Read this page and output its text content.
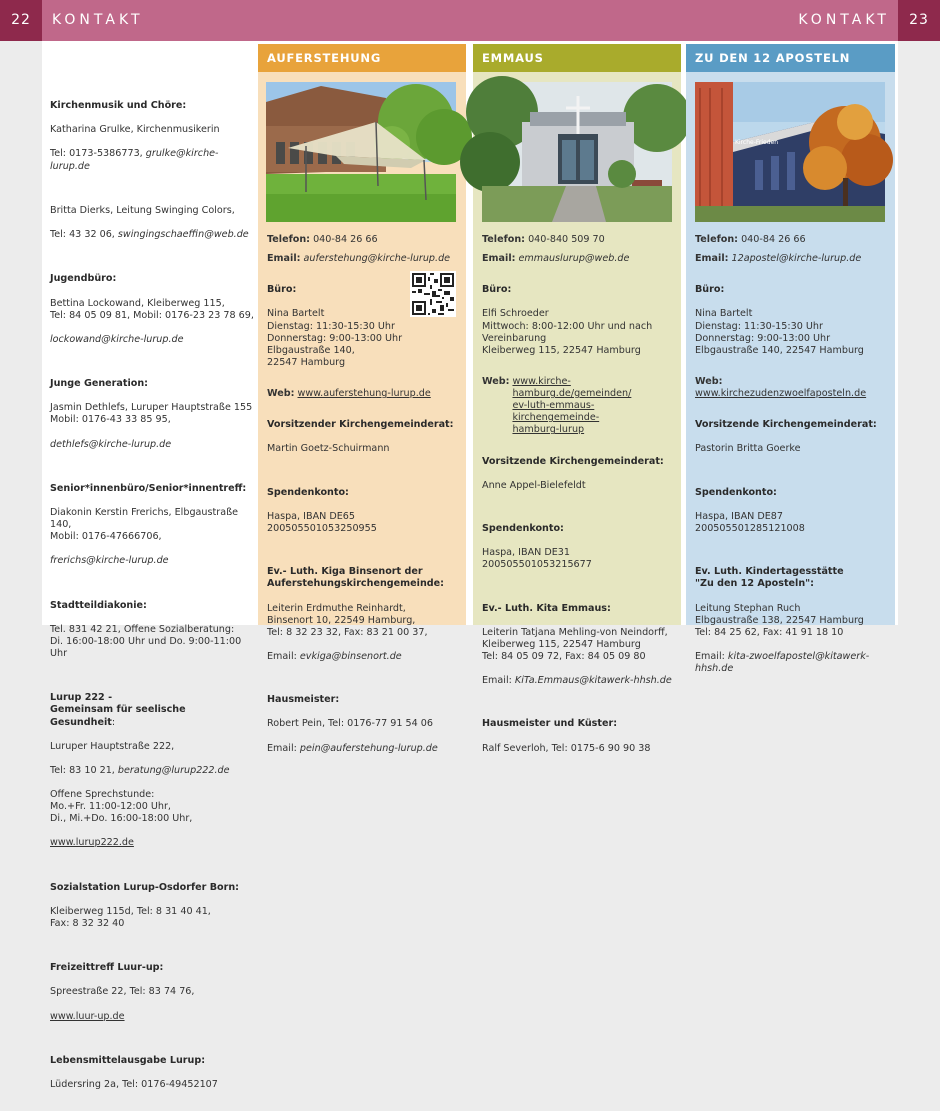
22	KONTAKT	KONTAKT	23

Kirchenmusik und Chöre:

Katharina Grulke, Kirchenmusikerin

Tel: 0173-5386773, grulke@kirche-lurup.de

Britta Dierks, Leitung Swinging Colors,

Tel: 43 32 06, swingingschaeffin@web.de

Jugendbüro:

Bettina Lockowand, Kleiberweg 115,
Tel: 84 05 09 81, Mobil: 0176-23 23 78 69,

lockowand@kirche-lurup.de

Junge Generation:

Jasmin Dethlefs, Luruper Hauptstraße 155
Mobil: 0176-43 33 85 95,

dethlefs@kirche-lurup.de

Senior*innenbüro/Senior*innentreff:

Diakonin Kerstin Frerichs, Elbgaustraße 140,
Mobil: 0176-47666706,

frerichs@kirche-lurup.de

Stadtteildiakonie:

Tel. 831 42 21, Offene Sozialberatung:
Di. 16:00-18:00 Uhr und Do. 9:00-11:00 Uhr

Lurup 222 -
Gemeinsam für seelische Gesundheit:

Luruper Hauptstraße 222,

Tel: 83 10 21, beratung@lurup222.de

Offene Sprechstunde:
Mo.+Fr. 11:00-12:00 Uhr,
Di., Mi.+Do. 16:00-18:00 Uhr,

www.lurup222.de

Sozialstation Lurup-Osdorfer Born:

Kleiberweg 115d, Tel: 8 31 40 41,
Fax: 8 32 32 40

Freizeittreff Luur-up:

Spreestraße 22, Tel: 83 74 76,

www.luur-up.de

Lebensmittelausgabe Lurup:

Lüdersring 2a, Tel: 0176-49452107

AUFERSTEHUNG
Telefon: 040-84 26 66
Email: auferstehung@kirche-lurup.de

Büro:

Nina Bartelt
Dienstag: 11:30-15:30 Uhr
Donnerstag: 9:00-13:00 Uhr
Elbgaustraße 140,
22547 Hamburg

Web: www.auferstehung-lurup.de

Vorsitzender Kirchengemeinderat:

Martin Goetz-Schuirmann

Spendenkonto:

Haspa, IBAN DE65 200505501053250955

Ev.- Luth. Kiga Binsenort der
Auferstehungskirchengemeinde:

Leiterin Erdmuthe Reinhardt,
Binsenort 10, 22549 Hamburg,
Tel: 8 32 23 32, Fax: 83 21 00 37,

Email: evkiga@binsenort.de

Hausmeister:

Robert Pein, Tel: 0176-77 91 54 06

Email: pein@auferstehung-lurup.de

EMMAUS
Telefon: 040-840 509 70
Email: emmauslurup@web.de

Büro:

Elfi Schroeder
Mittwoch: 8:00-12:00 Uhr und nach
Vereinbarung
Kleiberweg 115, 22547 Hamburg

Web: www.kirche-hamburg.de/gemeinden/
ev-luth-emmaus-kirchengemeinde-
hamburg-lurup

Vorsitzende Kirchengemeinderat:

Anne Appel-Bielefeldt

Spendenkonto:

Haspa, IBAN DE31 200505501053215677

Ev.- Luth. Kita Emmaus:

Leiterin Tatjana Mehling-von Neindorff,
Kleiberweg 115, 22547 Hamburg
Tel: 84 05 09 72, Fax: 84 05 09 80

Email: KiTa.Emmaus@kitawerk-hhsh.de

Hausmeister und Küster:

Ralf Severloh, Tel: 0175-6 90 90 38

ZU DEN 12 APOSTELN
Kirche-Frieden
Telefon: 040-84 26 66
Email: 12apostel@kirche-lurup.de

Büro:

Nina Bartelt
Dienstag: 11:30-15:30 Uhr
Donnerstag: 9:00-13:00 Uhr
Elbgaustraße 140, 22547 Hamburg

Web: www.kirchezudenzwoelfaposteln.de

Vorsitzende Kirchengemeinderat:

Pastorin Britta Goerke

Spendenkonto:

Haspa, IBAN DE87 200505501285121008

Ev. Luth. Kindertagesstätte
"Zu den 12 Aposteln":

Leitung Stephan Ruch
Elbgaustraße 138, 22547 Hamburg
Tel: 84 25 62, Fax: 41 91 18 10

Email: kita-zwoelfapostel@kitawerk-hhsh.de
